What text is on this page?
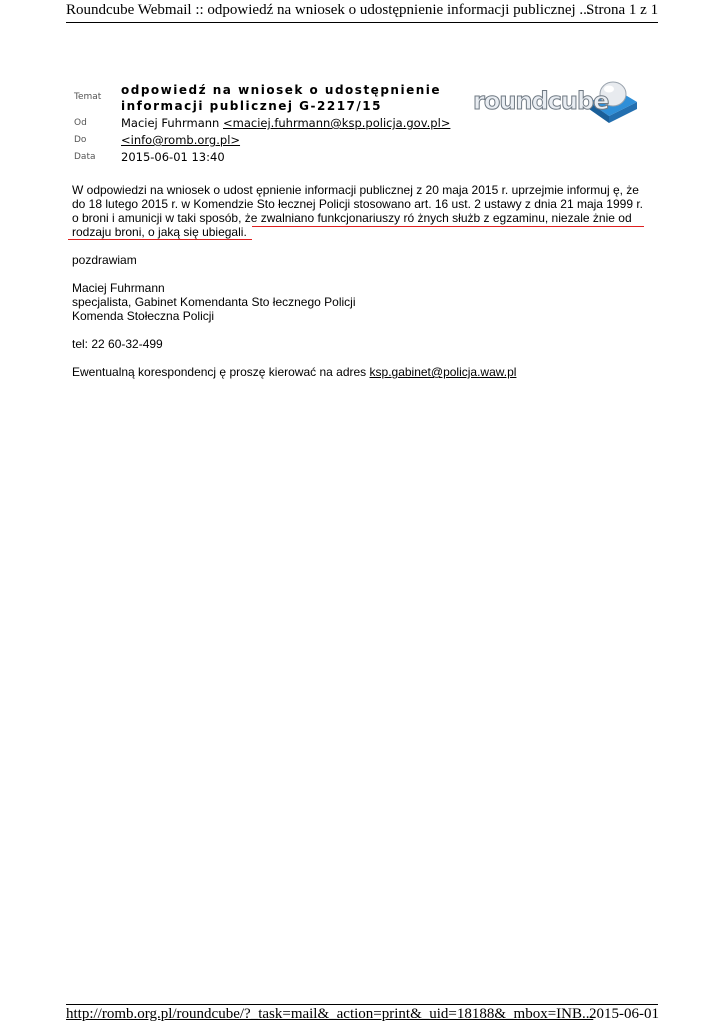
Roundcube Webmail :: odpowiedź na wniosek o udostępnienie informacji publicznej ...
Strona 1 z 1
Temat odpowiedź na wniosek o udostępnienie
informacji publicznej G-2217/15
Od	Maciej Fuhrmann <maciej.fuhrmann@ksp.policja.gov.pl>
Do	<info@romb.org.pl>
Data 2015-06-01 13:40
roundcube

W odpowiedzi na wniosek o udost ępnienie informacji publicznej z 20 maja 2015 r. uprzejmie informuj ę, że

do 18 lutego 2015 r. w Komendzie Sto łecznej Policji stosowano art. 16 ust. 2 ustawy z dnia 21 maja 1999 r.

o broni i amunicji w taki sposób, że zwalniano funkcjonariuszy ró żnych służb z egzaminu, niezale żnie od

rodzaju broni, o jaką się ubiegali.

pozdrawiam

Maciej Fuhrmann

specjalista, Gabinet Komendanta Sto łecznego Policji

Komenda Stołeczna Policji

tel: 22 60-32-499

Ewentualną korespondencj ę proszę kierować na adres ksp.gabinet@policja.waw.pl

http://romb.org.pl/roundcube/?_task=mail&_action=print&_uid=18188&_mbox=INB...
2015-06-01
